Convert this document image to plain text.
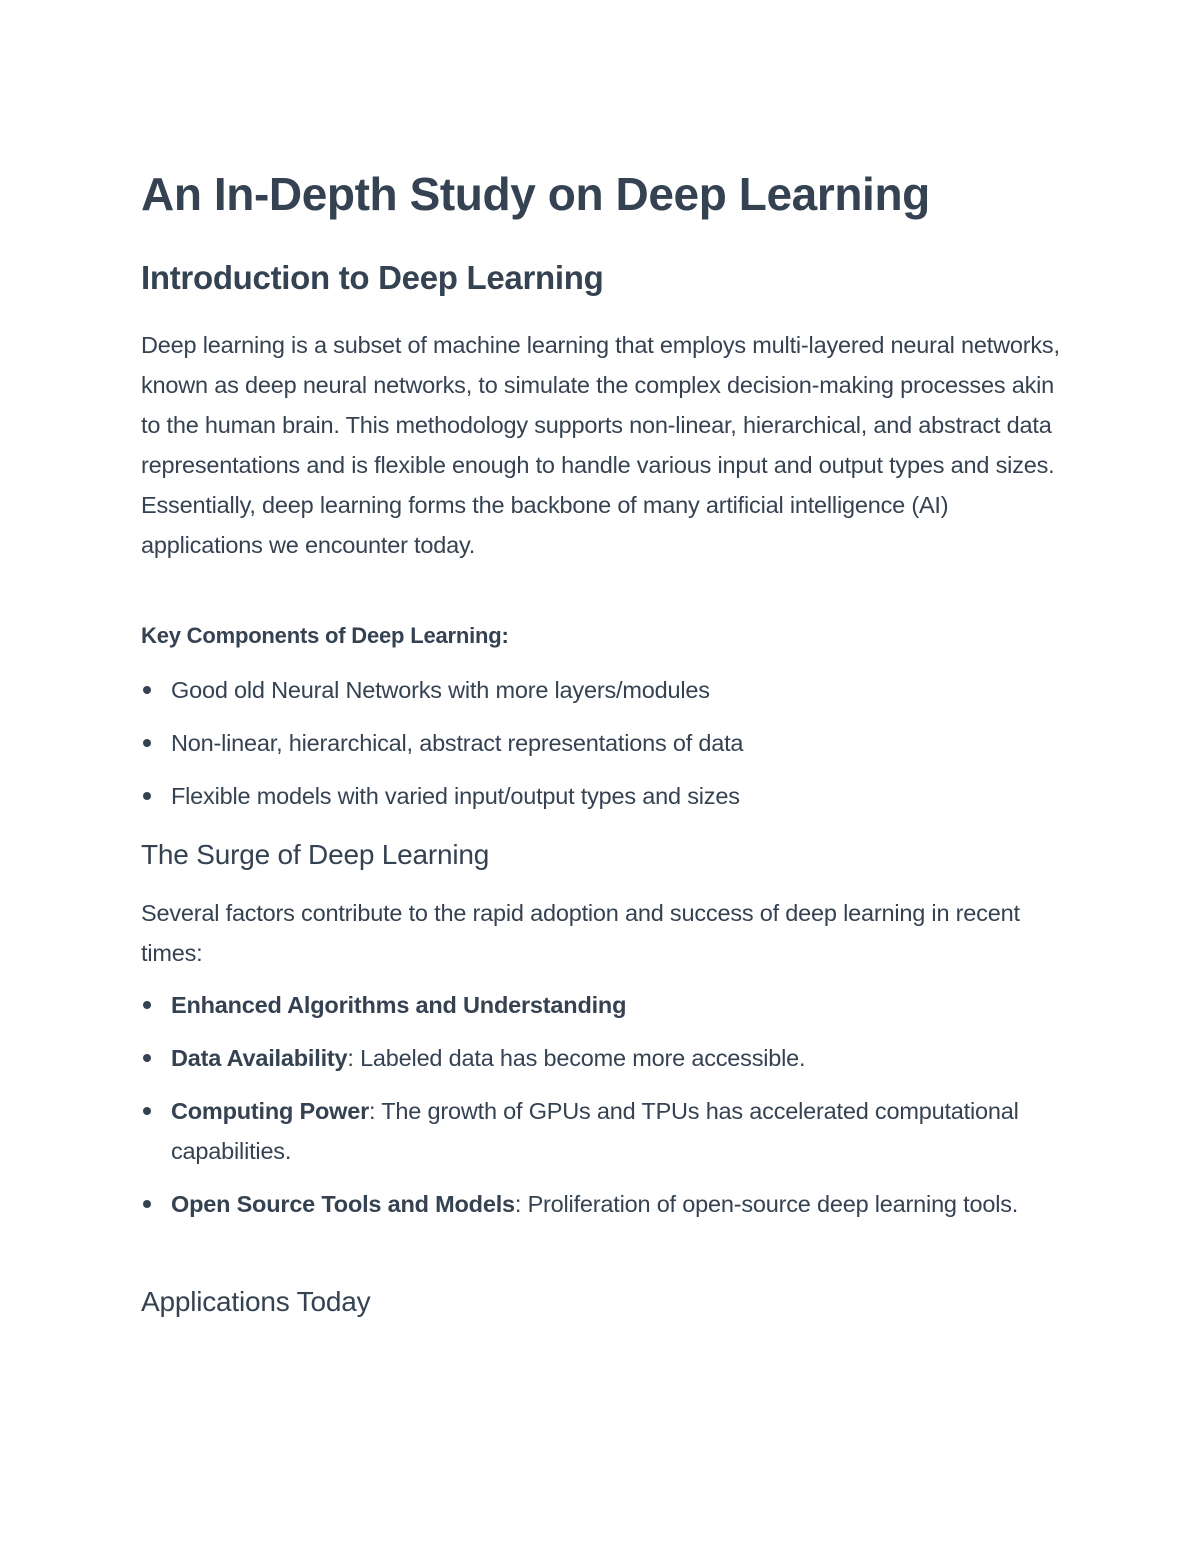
An In-Depth Study on Deep Learning
Introduction to Deep Learning

Deep learning is a subset of machine learning that employs multi-layered neural networks, known as deep neural networks, to simulate the complex decision-making processes akin to the human brain. This methodology supports non-linear, hierarchical, and abstract data representations and is flexible enough to handle various input and output types and sizes. Essentially, deep learning forms the backbone of many artificial intelligence (AI) applications we encounter today.

Key Components of Deep Learning:

Good old Neural Networks with more layers/modules
Non-linear, hierarchical, abstract representations of data
Flexible models with varied input/output types and sizes
The Surge of Deep Learning

Several factors contribute to the rapid adoption and success of deep learning in recent times:

Enhanced Algorithms and Understanding
Data Availability: Labeled data has become more accessible.
Computing Power: The growth of GPUs and TPUs has accelerated computational capabilities.
Open Source Tools and Models: Proliferation of open-source deep learning tools.
Applications Today
